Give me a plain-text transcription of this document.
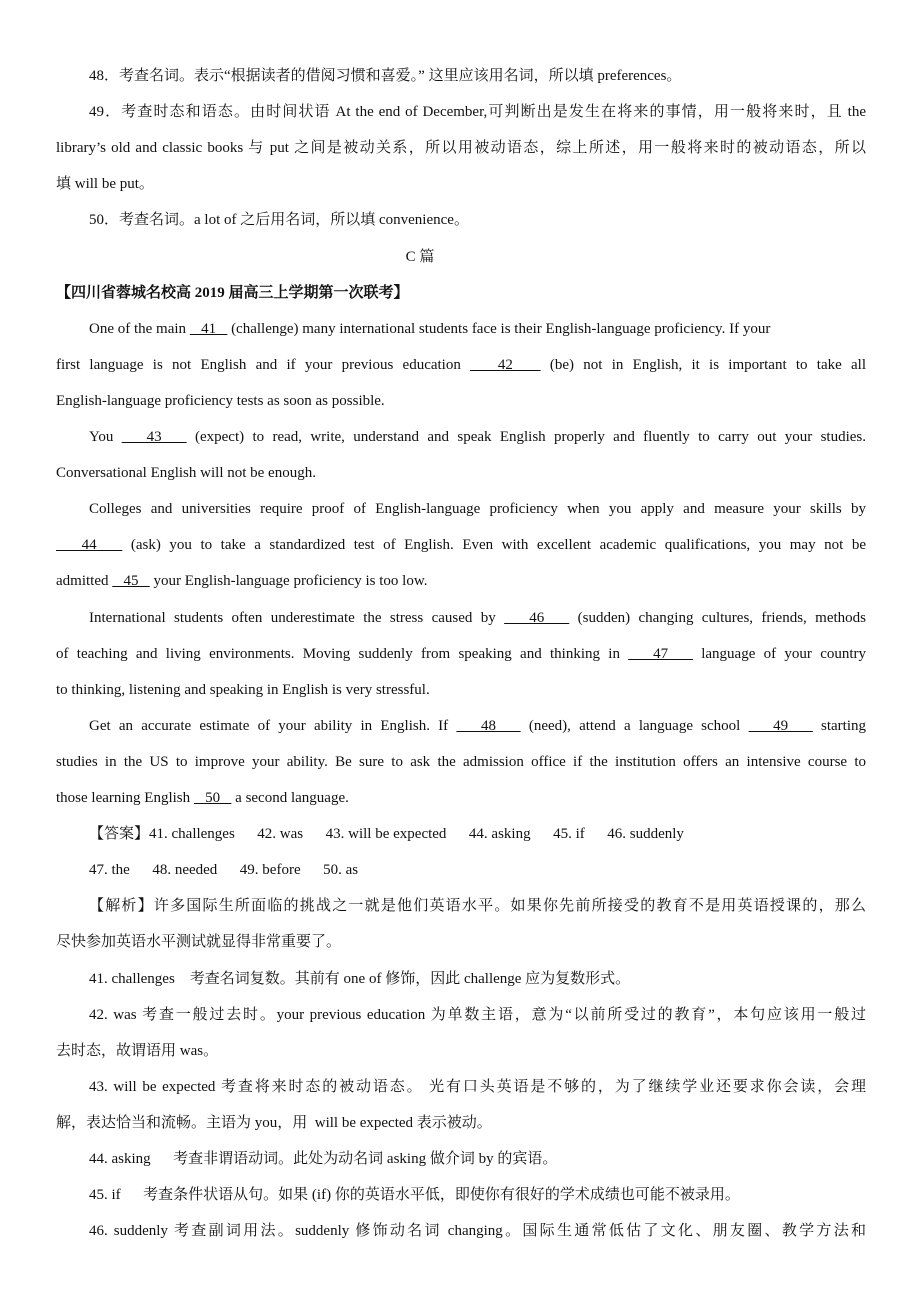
48．考查名词。表示“根据读者的借阅习惯和喜爱。” 这里应该用名词，所以填 preferences。
49．考查时态和语态。由时间状语 At the end of December,可判断出是发生在将来的事情，用一般将来时，且 the
library’s old and classic books 与 put 之间是被动关系，所以用被动语态，综上所述，用一般将来时的被动语态，所以
填 will be put。
50．考查名词。a lot of 之后用名词，所以填 convenience。
C 篇
【四川省蓉城名校高 2019 届高三上学期第一次联考】
One of the main    41    (challenge) many international students face is their English-language proficiency. If your
first language is not English and if your previous education    42    (be) not in English, it is important to take all
English-language proficiency tests as soon as possible.
You    43    (expect) to read, write, understand and speak English properly and fluently to carry out your studies.
Conversational English will not be enough.
Colleges and universities require proof of English-language proficiency when you apply and measure your skills by
44    (ask) you to take a standardized test of English. Even with excellent academic qualifications, you may not be
admitted    45    your English-language proficiency is too low.
International students often underestimate the stress caused by    46    (sudden) changing cultures, friends, methods
of teaching and living environments. Moving suddenly from speaking and thinking in    47    language of your country
to thinking, listening and speaking in English is very stressful.
Get an accurate estimate of your ability in English. If    48    (need), attend a language school    49    starting
studies in the US to improve your ability. Be sure to ask the admission office if the institution offers an intensive course to
those learning English    50    a second language.
【答案】41. challenges      42. was      43. will be expected      44. asking      45. if      46. suddenly
47. the      48. needed      49. before      50. as
【解析】许多国际生所面临的挑战之一就是他们英语水平。如果你先前所接受的教育不是用英语授课的，那么
尽快参加英语水平测试就显得非常重要了。
41. challenges    考查名词复数。其前有 one of 修饰，因此 challenge 应为复数形式。
42. was 考查一般过去时。your previous education 为单数主语，意为“以前所受过的教育”，本句应该用一般过
去时态，故谓语用 was。
43. will be expected 考查将来时态的被动语态。 光有口头英语是不够的，为了继续学业还要求你会读，会理
解，表达恰当和流畅。主语为 you，用  will be expected 表示被动。
44. asking      考查非谓语动词。此处为动名词 asking 做介词 by 的宾语。
45. if      考查条件状语从句。如果 (if) 你的英语水平低，即使你有很好的学术成绩也可能不被录用。
46. suddenly 考查副词用法。suddenly 修饰动名词 changing。国际生通常低估了文化、朋友圈、教学方法和
